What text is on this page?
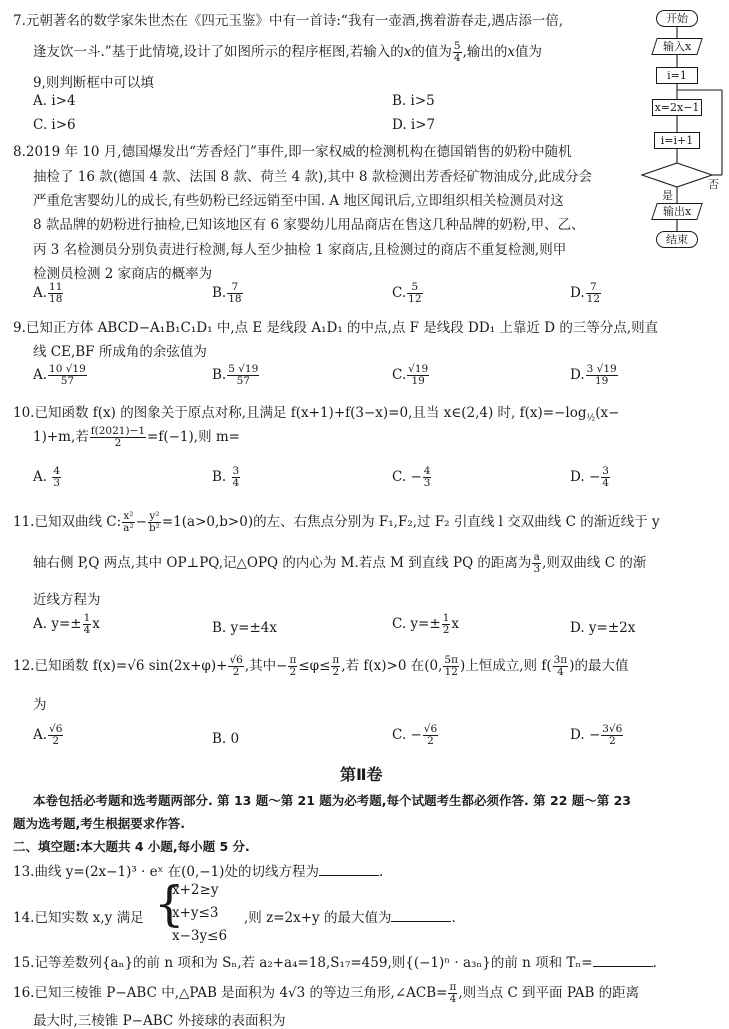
7.元朝著名的数学家朱世杰在《四元玉鉴》中有一首诗:“我有一壶酒,携着游春走,遇店添一倍,
逢友饮一斗.”基于此情境,设计了如图所示的程序框图,若输入的x的值为 $\frac{5}{4}$ ,输出的x值为
9,则判断框中可以填
A. i>4	B. i>5
C. i>6	D. i>7
开始
输入x
i=1
x=2x−1
i=i+1
否
是
输出x
结束
8.2019 年 10 月,德国爆发出“芳香烃门”事件,即一家权威的检测机构在德国销售的奶粉中随机
抽检了 16 款(德国 4 款、法国 8 款、荷兰 4 款),其中 8 款检测出芳香烃矿物油成分,此成分会
严重危害婴幼儿的成长,有些奶粉已经远销至中国. A 地区闻讯后,立即组织相关检测员对这
8 款品牌的奶粉进行抽检,已知该地区有 6 家婴幼儿用品商店在售这几种品牌的奶粉,甲、乙、
丙 3 名检测员分别负责进行检测,每人至少抽检 1 家商店,且检测过的商店不重复检测,则甲
检测员检测 2 家商店的概率为
A. $\frac{11}{18}$	B. $\frac{7}{18}$	C. $\frac{5}{12}$	D. $\frac{7}{12}$
9.已知正方体 ABCD−A₁B₁C₁D₁ 中,点 E 是线段 A₁D₁ 的中点,点 F 是线段 DD₁ 上靠近 D 的三等分点,则直
线 CE,BF 所成角的余弦值为
A. $\frac{10 √19}{57}$	B. $\frac{5 √19}{57}$	C. $\frac{√19}{19}$	D. $\frac{3 √19}{19}$
10.已知函数 f(x) 的图象关于原点对称,且满足 f(x+1)+f(3−x)=0,且当 x∈(2,4) 时, $f(x)=-\log_{\frac{1}{2}}(x-$
1)+m,若 $\frac{f(2021)-1}{2} =f(-1)$,则 m=
A. $\frac{4}{3}$	B. $\frac{3}{4}$	C. − $\frac{4}{3}$	D. − $\frac{3}{4}$
11.已知双曲线 C: $\frac{\text{x²}}{\text{a²}} - \frac{\text{y²}}{\text{b²}} =1(a>0,b>0)$的左、右焦点分别为 F₁,F₂,过 F₂ 引直线 l 交双曲线 C 的渐近线于 y
轴右侧 P,Q 两点,其中 OP⊥PQ,记△OPQ 的内心为 M.若点 M 到直线 PQ 的距离为 $\frac{a}{3}$ ,则双曲线 C 的渐
近线方程为
A. $y=\pm \frac{1}{4}$ x	B. y=±4x	C. $y=\pm \frac{1}{2}$ x	D. y=±2x
12.已知函数 f(x)=√6 $\sin(2x+\varphi)+ \frac{√6}{2}$ ,其中− $\frac{\pi}{2} \le\varphi\le \frac{\pi}{2}$ ,若 f(x)>0 在(0, $\frac{5\pi}{12}$ )上恒成立,则 $f( \frac{3\pi}{4}$ )的最大值
为
A. $\frac{√6}{2}$	B. 0	C. − $\frac{√6}{2}$	D. − $\frac{3√6}{2}$
第Ⅱ卷
本卷包括必考题和选考题两部分. 第 13 题～第 21 题为必考题,每个试题考生都必须作答. 第 22 题～第 23
题为选考题,考生根据要求作答.
二、填空题:本大题共 4 小题,每小题 5 分.
13.曲线 y=(2x−1)³ · eˣ 在(0,−1)处的切线方程为	.
14.已知实数 x,y 满足 {
x+2≥y
x+y≤3
x−3y≤6
,则 z=2x+y 的最大值为	.
15.记等差数列{aₙ}的前 n 项和为 Sₙ,若 a₂+a₄=18,S₁₇=459,则{(−1)ⁿ · a₃ₙ}的前 n 项和 Tₙ=	.
16.已知三棱锥 P−ABC 中,△PAB 是面积为 4√3 的等边三角形,∠ACB= $\frac{\pi}{4}$ ,则当点 C 到平面 PAB 的距离
最大时,三棱锥 P−ABC 外接球的表面积为
